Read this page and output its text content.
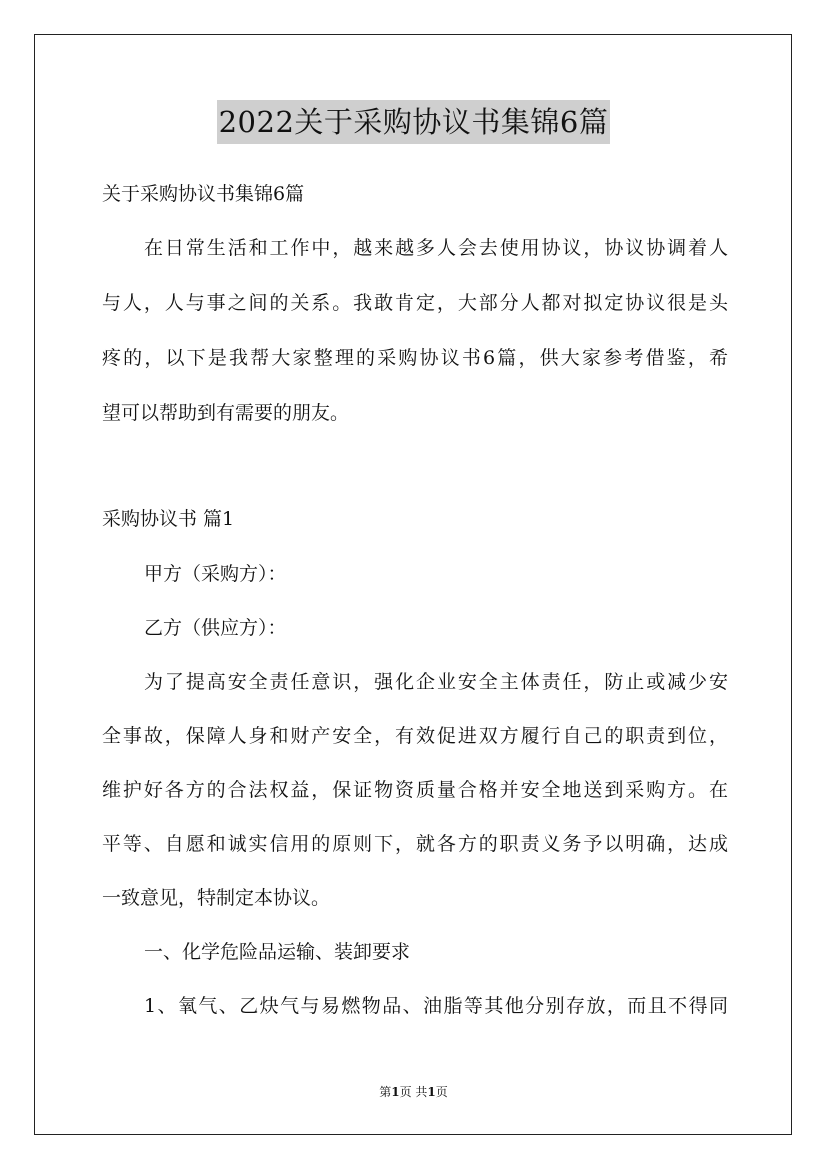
2022关于采购协议书集锦6篇
关于采购协议书集锦6篇
在日常生活和工作中，越来越多人会去使用协议，协议协调着人
与人，人与事之间的关系。我敢肯定，大部分人都对拟定协议很是头
疼的，以下是我帮大家整理的采购协议书6篇，供大家参考借鉴，希
望可以帮助到有需要的朋友。
采购协议书 篇1
甲方（采购方）：
乙方（供应方）：
为了提高安全责任意识，强化企业安全主体责任，防止或减少安
全事故，保障人身和财产安全，有效促进双方履行自己的职责到位，
维护好各方的合法权益，保证物资质量合格并安全地送到采购方。在
平等、自愿和诚实信用的原则下，就各方的职责义务予以明确，达成
一致意见，特制定本协议。
一、化学危险品运输、装卸要求
1、氧气、乙炔气与易燃物品、油脂等其他分别存放，而且不得同
第1页 共1页
